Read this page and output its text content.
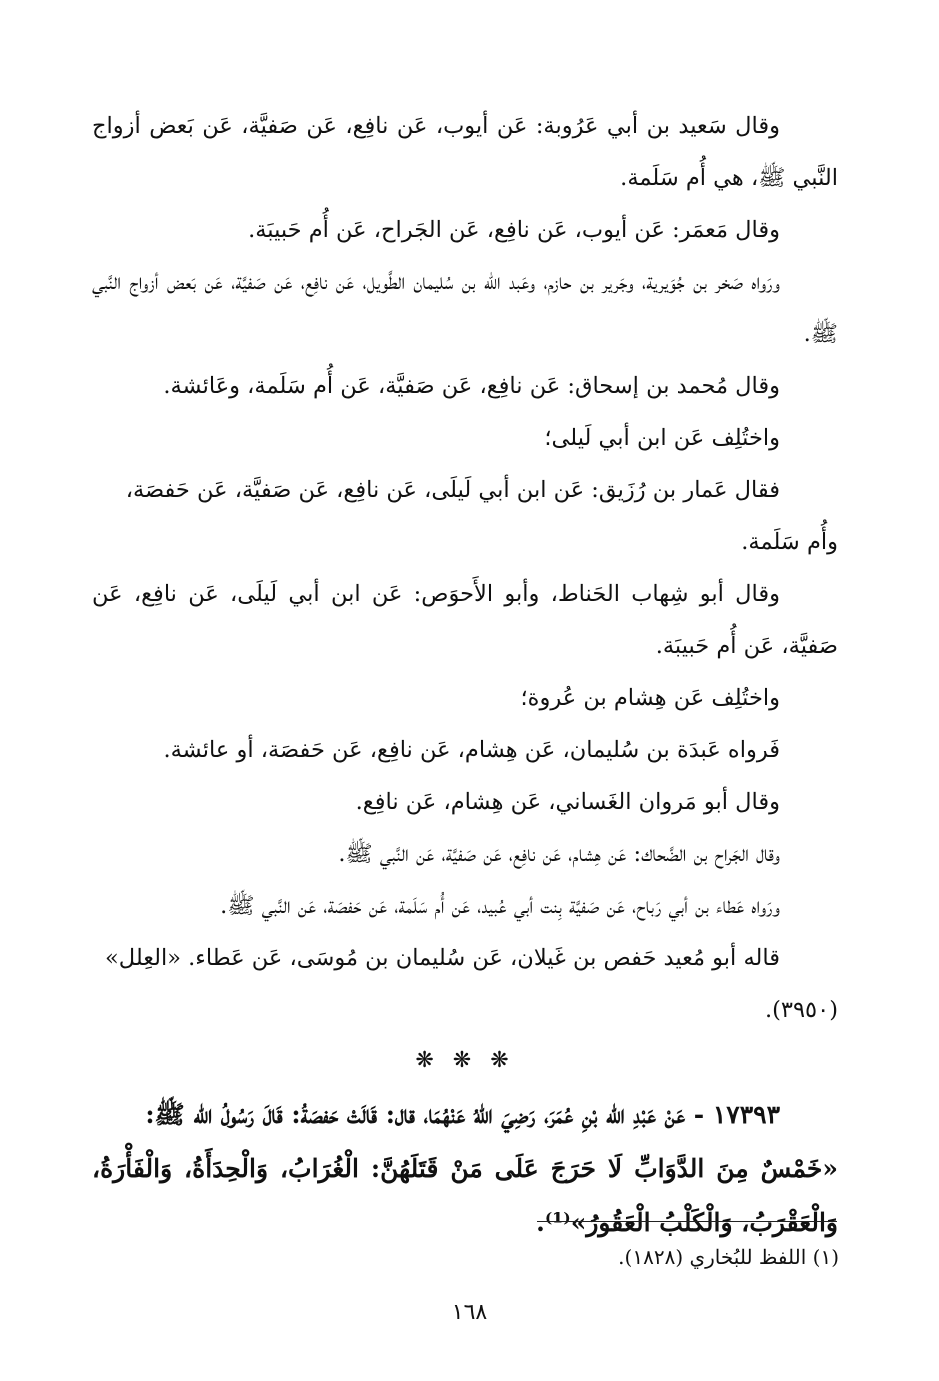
وقال سَعيد بن أبي عَرُوبة: عَن أيوب، عَن نافِع، عَن صَفيَّة، عَن بَعض أزواج النَّبي ﷺ، هي أُم سَلَمة.

وقال مَعمَر: عَن أيوب، عَن نافِع، عَن الجَراح، عَن أُم حَبيبَة.

ورَواه صَخر بن جُوَيرية، وجَرير بن حازم، وعَبد الله بن سُليمان الطَّويل، عَن نافِع، عَن صَفيَّة، عَن بَعض أزواج النَّبي ﷺ.

وقال مُحمد بن إسحاق: عَن نافِع، عَن صَفيَّة، عَن أُم سَلَمة، وعَائشة.

واختُلِف عَن ابن أبي لَيلى؛

فقال عَمار بن رُزَيق: عَن ابن أبي لَيلَى، عَن نافِع، عَن صَفيَّة، عَن حَفصَة، وأُم سَلَمة.

وقال أبو شِهاب الحَناط، وأبو الأَحوَص: عَن ابن أبي لَيلَى، عَن نافِع، عَن صَفيَّة، عَن أُم حَبيبَة.

واختُلِف عَن هِشام بن عُروة؛

فَرواه عَبدَة بن سُليمان، عَن هِشام، عَن نافِع، عَن حَفصَة، أو عائشة.

وقال أبو مَروان الغَساني، عَن هِشام، عَن نافِع.

وقال الجَراح بن الضَّحاك: عَن هِشام، عَن نافِع، عَن صَفيَّة، عَن النَّبي ﷺ.

ورَواه عَطاء بن أبي رَباح، عَن صَفيَّة بِنت أبي عُبيد، عَن أُم سَلَمة، عَن حَفصَة، عَن النَّبي ﷺ.

قاله أبو مُعيد حَفص بن غَيلان، عَن سُليمان بن مُوسَى، عَن عَطاء. «العِلل» (٣٩٥٠).

❋ ❋ ❋

١٧٣٩٣ - عَنْ عَبْدِ الله بْنِ عُمَرَ، رَضِيَ اللهُ عَنْهُمَا، قال: قَالَتْ حَفصَةُ: قَالَ رَسُولُ الله ﷺ:

«خَمْسٌ مِنَ الدَّوَابِّ لَا حَرَجَ عَلَى مَنْ قَتَلَهُنَّ: الْغُرَابُ، وَالْحِدَأَةُ، وَالْفَأْرَةُ، وَالْعَقْرَبُ، وَالْكَلْبُ الْعَقُورُ»⁽¹⁾.

(١) اللفظ للبُخاري (١٨٢٨).
١٦٨
